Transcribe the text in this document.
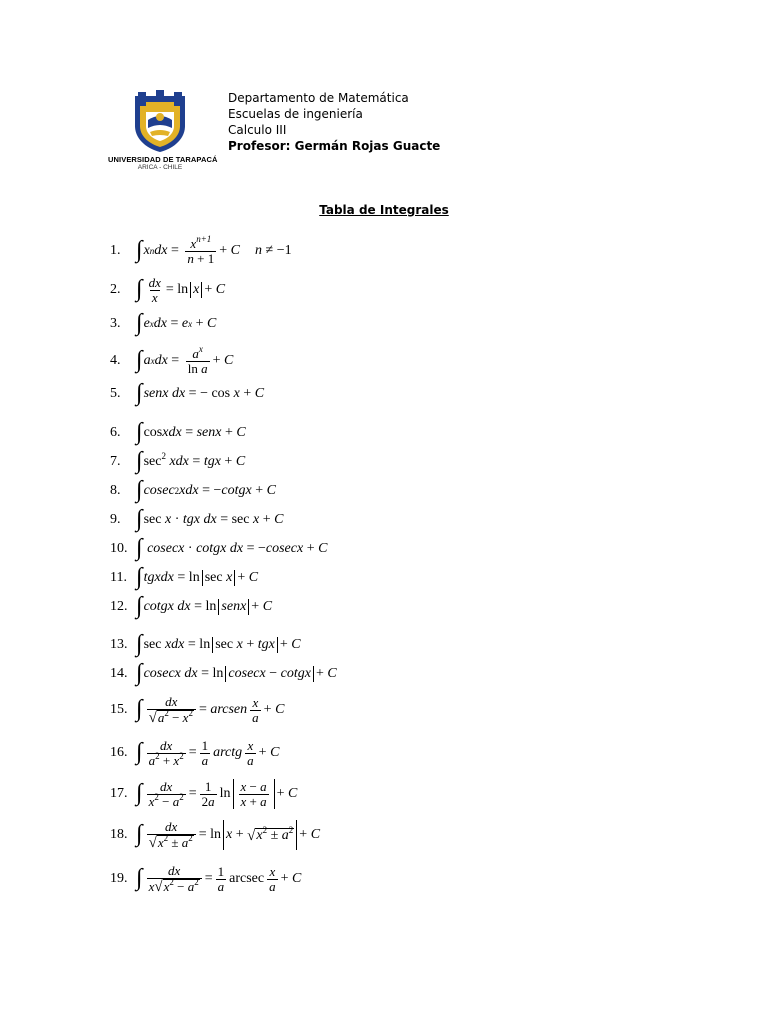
UNIVERSIDAD DE TARAPACÁ
ARICA - CHILE
Departamento de Matemática
Escuelas de ingeniería
Calculo III
Profesor: Germán Rojas Guacte
Tabla de Integrales
1. ∫ x n dx = $\frac{x^{n+1}}{n + 1} + C$ n ≠ −1
2. ∫ $\frac{dx}{x} = \ln x + C$
3. ∫ e x dx = e x + C
4. ∫ a x dx = $\frac{a^x}{\text{ln a}} + C$
5. ∫ senx dx = − cos x + C
6. ∫ cos xdx = senx + C
7. ∫ $\sec^2$ xdx = tgx + C
8. ∫ cosec 2 xdx = − cotgx + C
9. ∫ sec x · tgx dx = sec x + C
10. ∫ cosecx · cotgx dx = − cosecx + C
11. ∫ tgxdx = ln sec x + C
12. ∫ cotgx dx = ln senx + C
13. ∫ sec xdx = ln sec x + tgx + C
14. ∫ cosecx dx = ln cosecx − cotgx + C
15. ∫ $\frac{dx}{√ a^2 - x^2}$ = arcsen $\frac{x}{a} + C$
16. ∫ $\frac{dx}{a^2 + x^2} = \frac{1}{a}$ arctg $\frac{x}{a} + C$
17. ∫ $\frac{dx}{x^2 - a^2} = \frac{1}{2a}$ $\ln \frac{x - a}{x + a} + C$
18. ∫ $\frac{dx}{√ x^2 \pm a^2} = \ln x$ + √ $x^2 \pm a^2 + C$
19. ∫ $\frac{dx}{x √ x^2 - a^2} = \frac{1}{a}$ arcsec $\frac{x}{a} + C$
